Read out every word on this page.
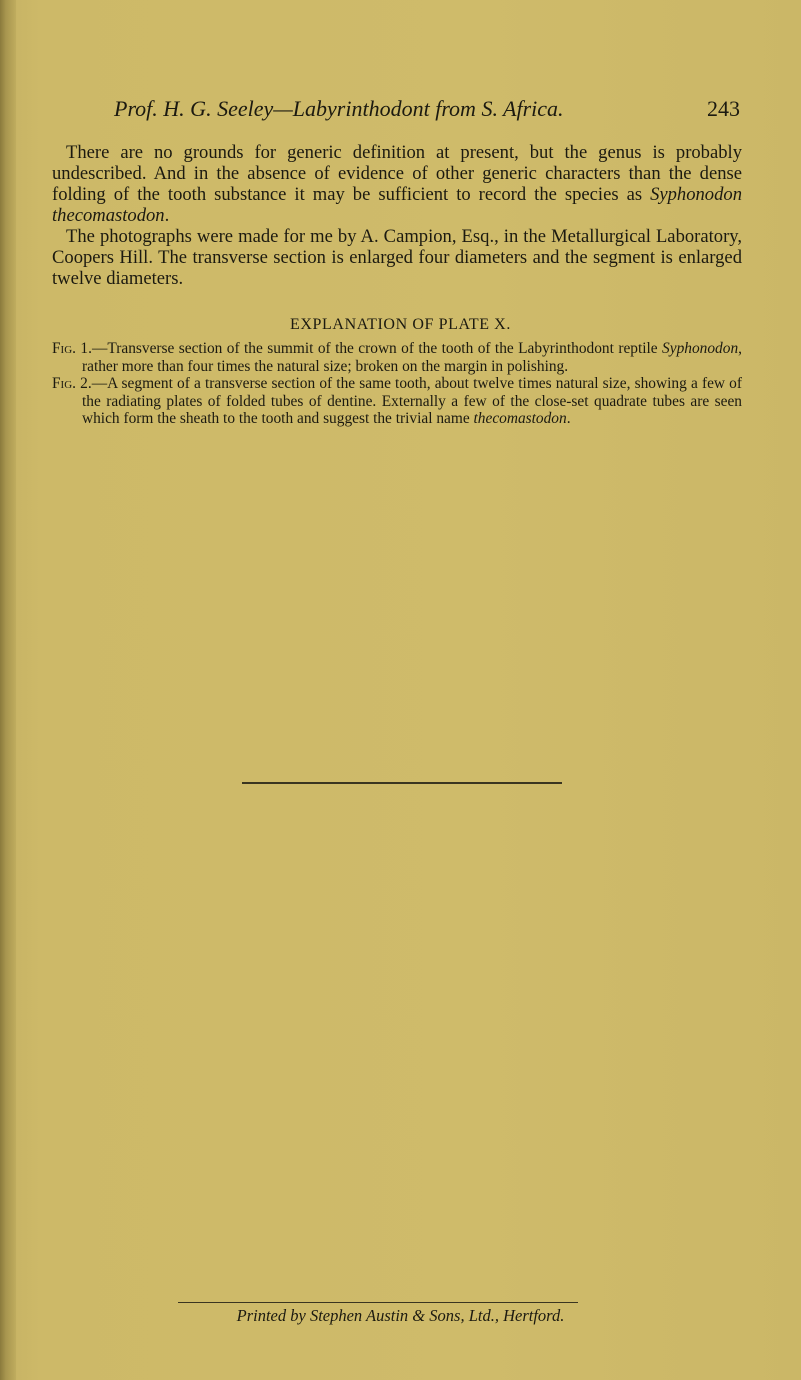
Prof. H. G. Seeley—Labyrinthodont from S. Africa.	243

There are no grounds for generic definition at present, but the genus is probably undescribed. And in the absence of evidence of other generic characters than the dense folding of the tooth substance it may be sufficient to record the species as Syphonodon thecomastodon.

The photographs were made for me by A. Campion, Esq., in the Metallurgical Laboratory, Coopers Hill. The transverse section is enlarged four diameters and the segment is enlarged twelve diameters.

EXPLANATION OF PLATE X.

Fig. 1.—Transverse section of the summit of the crown of the tooth of the Labyrinthodont reptile Syphonodon, rather more than four times the natural size; broken on the margin in polishing.

Fig. 2.—A segment of a transverse section of the same tooth, about twelve times natural size, showing a few of the radiating plates of folded tubes of dentine. Externally a few of the close-set quadrate tubes are seen which form the sheath to the tooth and suggest the trivial name thecomastodon.

Printed by Stephen Austin & Sons, Ltd., Hertford.
